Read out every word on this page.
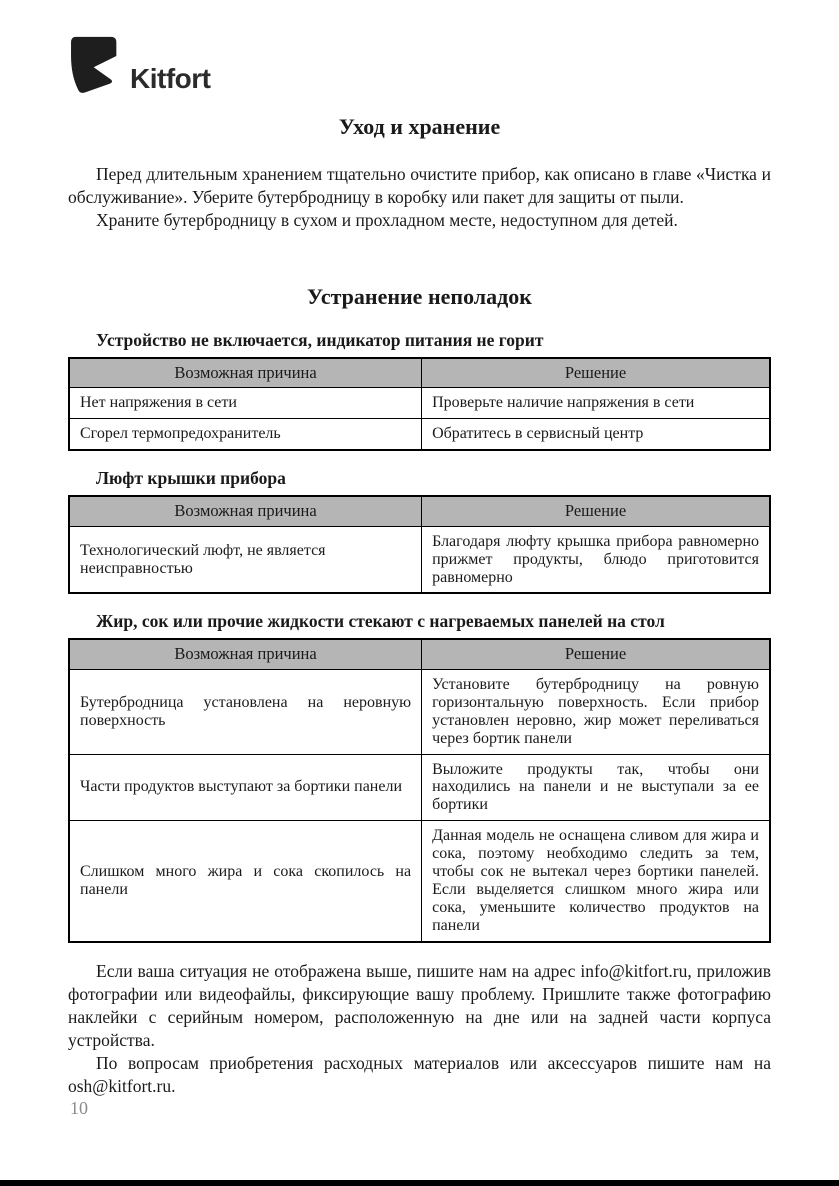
Kitfort
Уход и хранение

Перед длительным хранением тщательно очистите прибор, как описано в главе «Чистка и обслуживание». Уберите бутербродницу в коробку или пакет для защиты от пыли.

Храните бутербродницу в сухом и прохладном месте, недоступном для детей.

Устранение неполадок
Устройство не включается, индикатор питания не горит
Возможная причина	Решение
Нет напряжения в сети	Проверьте наличие напряжения в сети
Сгорел термопредохранитель	Обратитесь в сервисный центр
Люфт крышки прибора
Возможная причина	Решение
Технологический люфт, не является неисправностью	Благодаря люфту крышка прибора равномерно прижмет продукты, блюдо приготовится равномерно
Жир, сок или прочие жидкости стекают с нагреваемых панелей на стол
Возможная причина	Решение
Бутербродница установлена на неровную поверхность	Установите бутербродницу на ровную горизонтальную поверхность. Если прибор установлен неровно, жир может переливаться через бортик панели
Части продуктов выступают за бортики панели	Выложите продукты так, чтобы они находились на панели и не выступали за ее бортики
Слишком много жира и сока скопилось на панели	Данная модель не оснащена сливом для жира и сока, поэтому необходимо следить за тем, чтобы сок не вытекал через бортики панелей. Если выделяется слишком много жира или сока, уменьшите количество продуктов на панели

Если ваша ситуация не отображена выше, пишите нам на адрес info@kitfort.ru, приложив фотографии или видеофайлы, фиксирующие вашу проблему. Пришлите также фотографию наклейки с серийным номером, расположенную на дне или на задней части корпуса устройства.

По вопросам приобретения расходных материалов или аксессуаров пишите нам на osh@kitfort.ru.

10
